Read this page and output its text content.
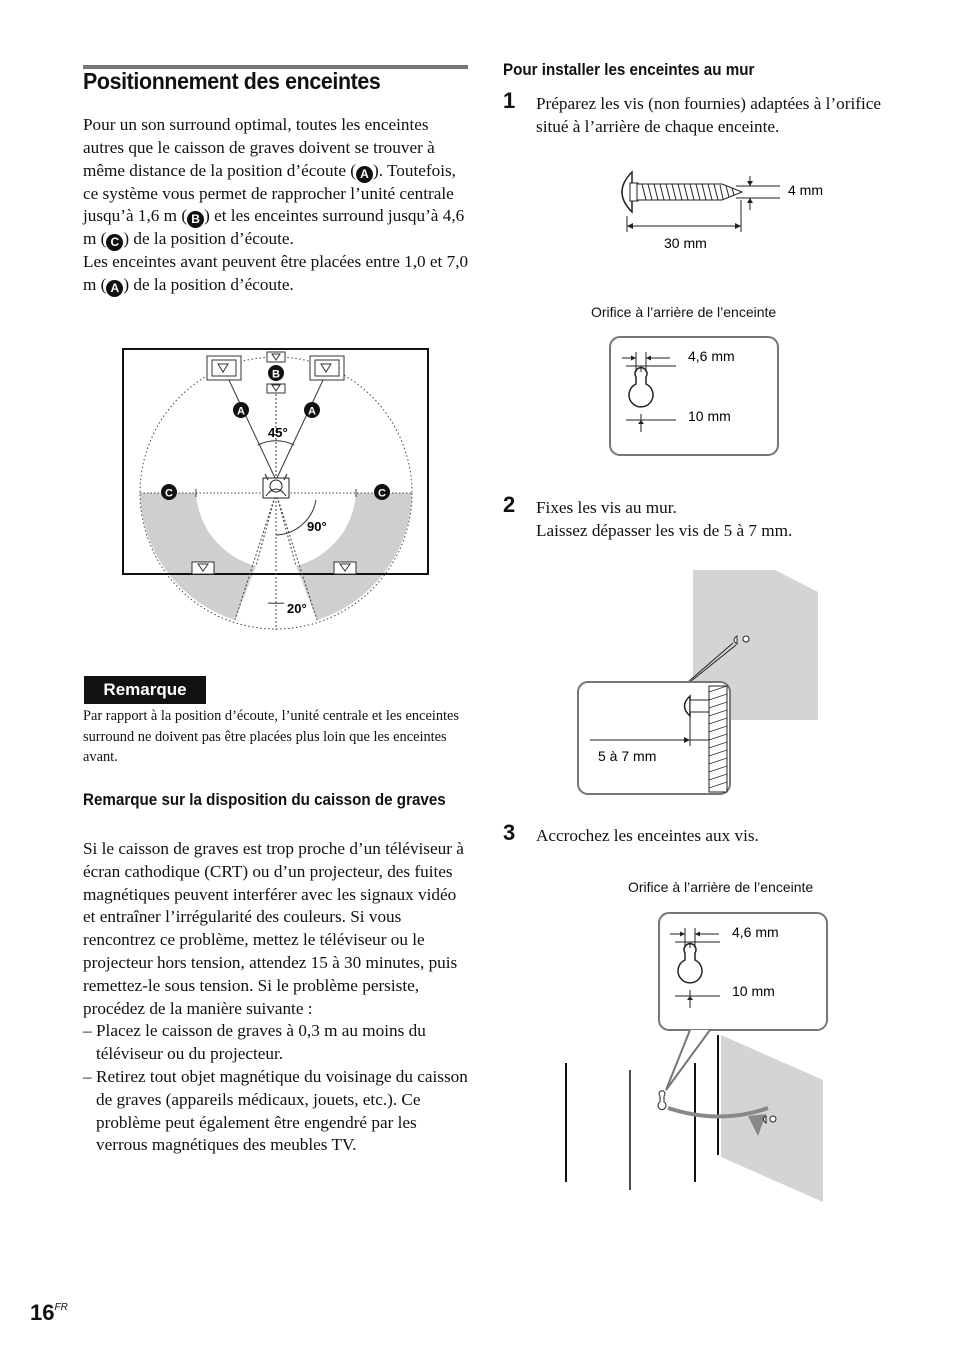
Positionnement des enceintes
Pour un son surround optimal, toutes les enceintes autres que le caisson de graves doivent se trouver à même distance de la position d’écoute ( A ). Toutefois, ce système vous permet de rapprocher l’unité centrale jusqu’à 1,6 m ( B ) et les enceintes surround jusqu’à 4,6 m ( C ) de la position d’écoute.
Les enceintes avant peuvent être placées entre 1,0 et 7,0 m ( A ) de la position d’écoute.
B
A	A
C	C
45°
90°
20°
Remarque
Par rapport à la position d’écoute, l’unité centrale et les enceintes surround ne doivent pas être placées plus loin que les enceintes avant.
Remarque sur la disposition du caisson de graves
Si le caisson de graves est trop proche d’un téléviseur à écran cathodique (CRT) ou d’un projecteur, des fuites magnétiques peuvent interférer avec les signaux vidéo et entraîner l’irrégularité des couleurs. Si vous rencontrez ce problème, mettez le téléviseur ou le projecteur hors tension, attendez 15 à 30 minutes, puis remettez-le sous tension. Si le problème persiste, procédez de la manière suivante :
– Placez le caisson de graves à 0,3 m au moins du téléviseur ou du projecteur.
– Retirez tout objet magnétique du voisinage du caisson de graves (appareils médicaux, jouets, etc.). Ce problème peut également être engendré par les verrous magnétiques des meubles TV.
Pour installer les enceintes au mur
1 Préparez les vis (non fournies) adaptées à l’orifice situé à l’arrière de chaque enceinte.
4 mm
30 mm
Orifice à l’arrière de l’enceinte
4,6 mm
10 mm
2 Fixes les vis au mur.
Laissez dépasser les vis de 5 à 7 mm.
5 à 7 mm
3 Accrochez les enceintes aux vis.
Orifice à l’arrière de l’enceinte
4,6 mm
10 mm
$16^{FR}$
